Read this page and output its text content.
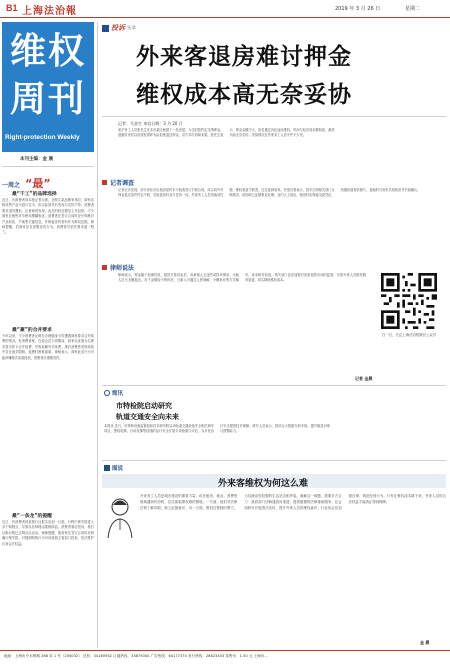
B1 上海法治報	2019 年 3 月 26 日	星期二
维权
周刊
Right-protection Weekly
本刊主编：金 晨
一周之 “最”
最“干工”的品牌选择
近日，有消费者向本报记者反映，在购买某品牌家具时，商家宣称所售产品为进口实木，但实际到货后发现与宣传不符。消费者要求退货遭拒。记者调查发现，此类纠纷近期呈上升趋势，不少商家在销售环节使用模糊表述，消费者在签订合同时应仔细核对产品材质、产地等关键信息，并保留宣传资料作为维权证据。律师提醒，若商家存在虚假宣传行为，消费者可依法要求退一赔三。
最“豪”的合并要求
今年以来，不少消费者反映在办理健身卡时遭遇商家要求合并续费的情况。有消费者称，在原会员卡到期前，商家以优惠为名要求将多张卡合并续费，并收取额外手续费。事后消费者发现条款中存在诸多限制，退费时困难重重。律师表示，商家此类行为可能涉嫌格式条款侵权，消费者应谨慎签约。
最“一条龙”的提醒
近日，有消费者到某旅行社报名参加一日游，行程中被安排进入多个购物点，导游以各种理由推销商品。消费者事后投诉，旅行社称行程已注明自由活动。律师提醒，旅游者在签订合同时应明确行程安排，对强制购物行为可向旅游主管部门投诉，依法维护自身合法权益。
投诉 实录
外来客退房难讨押金
维权成本高无奈妥协
记者：马金生 来信日期：3 月 20 日
来沪务工人员张先生在本市某区租借了一处房屋，入住时按约定交纳押金。退租时房东以房屋有损坏为由拒绝退还押金，双方多次协商未果。张先生表示，押金金额不大，但若通过诉讼途径维权，时间与经济成本都较高，最终只能无奈妥协。类似情况在外来务工人员中并不少见。
记者调查
记者走访发现，部分房东在出租房屋时未与租客签订书面合同，或合同中对押金退还条件约定不明，导致退房时双方各执一词。外来务工人员因流动性强、维权渠道不熟悉，往往选择放弃。有受访者表示，曾多次到相关部门反映情况，但因缺乏证据难以处理。业内人士指出，租房时应保留交款凭证、拍摄房屋现状照片，退租时与房东共同验房并书面确认。
律师说法
律师表示，押金属于担保性质，租赁关系结束后，若承租人无违约或损坏情形，出租人应当全额退还。对于金额较小的纠纷，当事人可通过人民调解、小额诉讼等方式解决，成本相对较低。相关部门也应加强对房屋租赁市场的监管，完善外来人员维权服务渠道，切实降低维权成本。
扫一扫，关注上海法治报微信公众号
记者 金晨
简讯
市特检院启动研究
轨道交通安全向未来
本报讯 近日，市特种设备监督检验技术研究院启动轨道交通设备安全相关研究项目，围绕电梯、自动扶梯等设施的运行安全开展专项检测与评估，为市民出行安全提供技术保障。研究人员表示，将结合大数据分析手段，提升隐患识别与预警能力。
图说
外来客维权为何这么难
外来务工人员是城市建设的重要力量，但在租房、就业、消费等领域遇到纠纷时，往往面临维权难的困境。一方面，他们对法律法规了解有限，缺乏证据意识；另一方面，维权过程耗时费力，与其流动性较强的生活状态相矛盾。破解这一难题，需要多方合力：政府部门应畅通投诉渠道，提供便捷的法律援助服务；社会组织可开展普法宣传，提升外来人员的维权意识；行业协会应加强自律，规范经营行为。只有让维权成本降下来，外来人员的合法权益才能真正得到保障。
金 晨
地址：上海市小木桥路 268 弄 1 号（200032） 总机：34160932 订阅热线：33875000 广告热线：64177374 发行热线：28823303 零售价：1.50 元 上海市...
